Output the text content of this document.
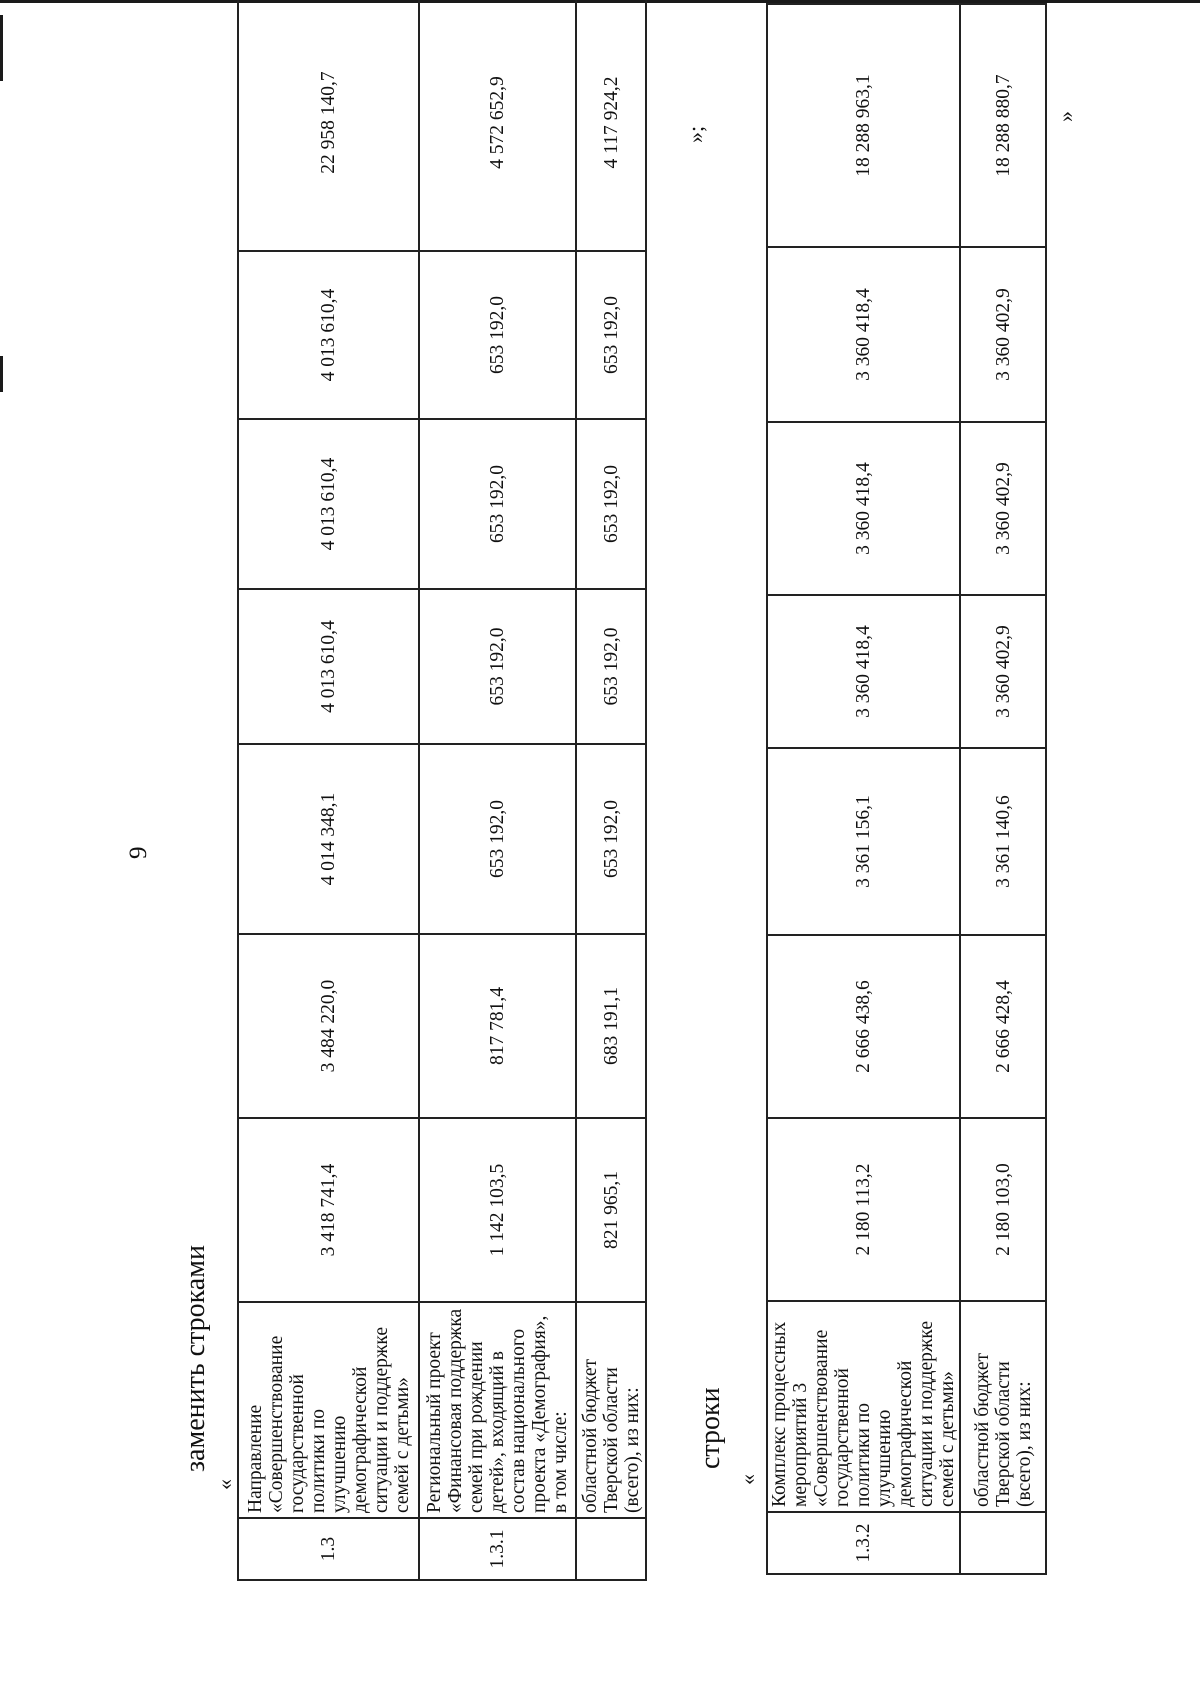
9
заменить строками
«
1.3	Направление «Совершенствование государственной политики по улучшению демографической ситуации и поддержке семей с детьми»	3 418 741,4	3 484 220,0	4 014 348,1	4 013 610,4	4 013 610,4	4 013 610,4	22 958 140,7
1.3.1	Региональный проект «Финансовая поддержка семей при рождении детей», входящий в состав национального проекта «Демография», в том числе:	1 142 103,5	817 781,4	653 192,0	653 192,0	653 192,0	653 192,0	4 572 652,9
	областной бюджет Тверской области (всего), из них:	821 965,1	683 191,1	653 192,0	653 192,0	653 192,0	653 192,0	4 117 924,2	»;
строки
«
1.3.2	Комплекс процессных мероприятий 3 «Совершенствование государственной политики по улучшению демографической ситуации и поддержке семей с детьми»	2 180 113,2	2 666 438,6	3 361 156,1	3 360 418,4	3 360 418,4	3 360 418,4	18 288 963,1
	областной бюджет Тверской области (всего), из них:	2 180 103,0	2 666 428,4	3 361 140,6	3 360 402,9	3 360 402,9	3 360 402,9	18 288 880,7 »
